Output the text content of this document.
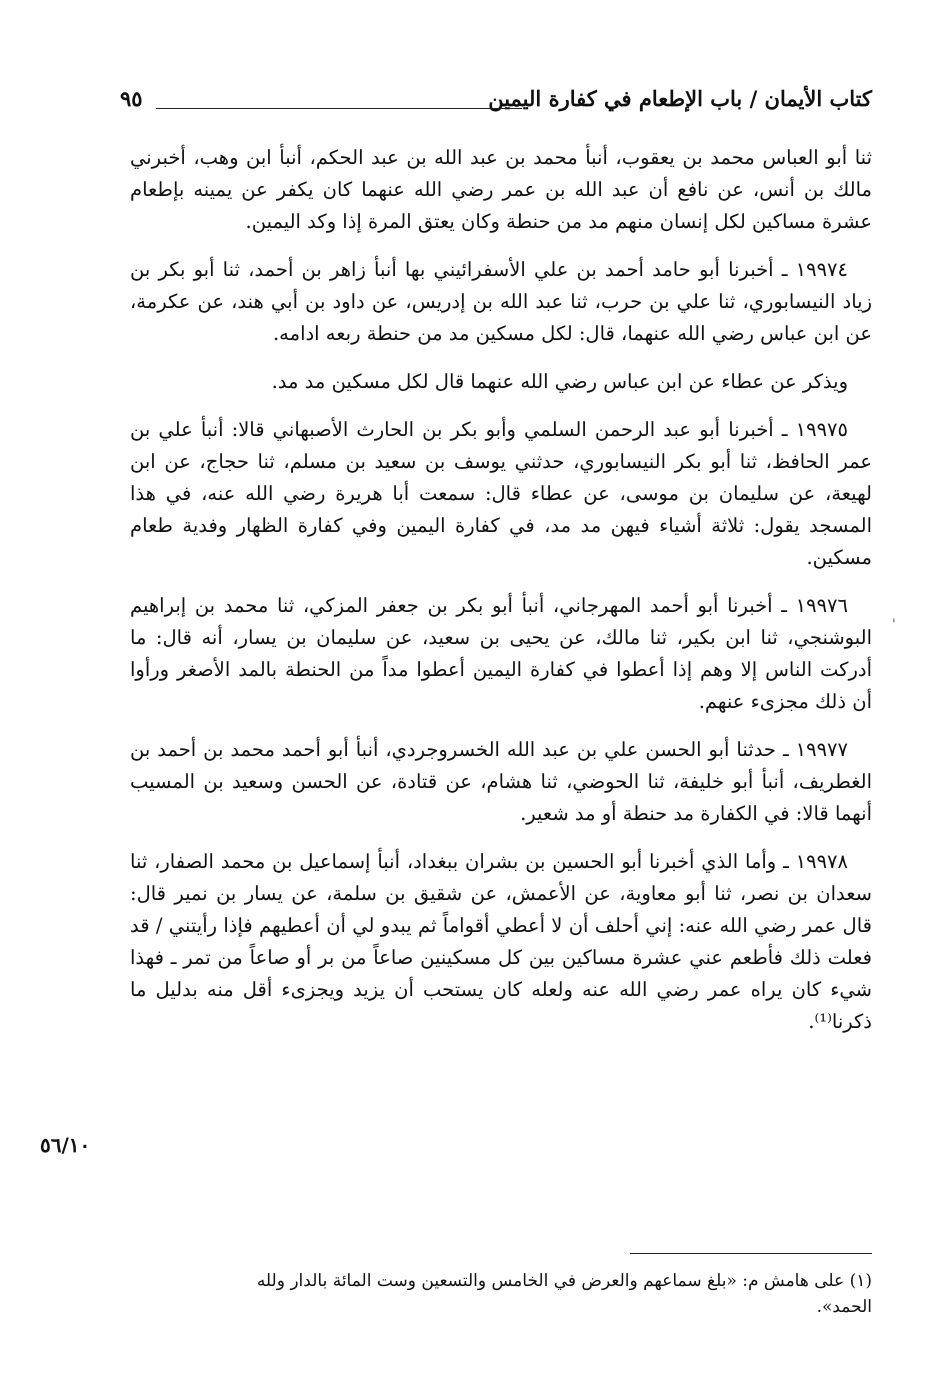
كتاب الأيمان / باب الإطعام في كفارة اليمين
٩٥

ثنا أبو العباس محمد بن يعقوب، أنبأ محمد بن عبد الله بن عبد الحكم، أنبأ ابن وهب، أخبرني مالك بن أنس، عن نافع أن عبد الله بن عمر رضي الله عنهما كان يكفر عن يمينه بإطعام عشرة مساكين لكل إنسان منهم مد من حنطة وكان يعتق المرة إذا وكد اليمين.

١٩٩٧٤ ـ أخبرنا أبو حامد أحمد بن علي الأسفرائيني بها أنبأ زاهر بن أحمد، ثنا أبو بكر بن زياد النيسابوري، ثنا علي بن حرب، ثنا عبد الله بن إدريس، عن داود بن أبي هند، عن عكرمة، عن ابن عباس رضي الله عنهما، قال: لكل مسكين مد من حنطة ربعه ادامه.

ويذكر عن عطاء عن ابن عباس رضي الله عنهما قال لكل مسكين مد مد.

١٩٩٧٥ ـ أخبرنا أبو عبد الرحمن السلمي وأبو بكر بن الحارث الأصبهاني قالا: أنبأ علي بن عمر الحافظ، ثنا أبو بكر النيسابوري، حدثني يوسف بن سعيد بن مسلم، ثنا حجاج، عن ابن لهيعة، عن سليمان بن موسى، عن عطاء قال: سمعت أبا هريرة رضي الله عنه، في هذا المسجد يقول: ثلاثة أشياء فيهن مد مد، في كفارة اليمين وفي كفارة الظهار وفدية طعام مسكين.

١٩٩٧٦ ـ أخبرنا أبو أحمد المهرجاني، أنبأ أبو بكر بن جعفر المزكي، ثنا محمد بن إبراهيم البوشنجي، ثنا ابن بكير، ثنا مالك، عن يحيى بن سعيد، عن سليمان بن يسار، أنه قال: ما أدركت الناس إلا وهم إذا أعطوا في كفارة اليمين أعطوا مداً من الحنطة بالمد الأصغر ورأوا أن ذلك مجزىء عنهم.

١٩٩٧٧ ـ حدثنا أبو الحسن علي بن عبد الله الخسروجردي، أنبأ أبو أحمد محمد بن أحمد بن الغطريف، أنبأ أبو خليفة، ثنا الحوضي، ثنا هشام، عن قتادة، عن الحسن وسعيد بن المسيب أنهما قالا: في الكفارة مد حنطة أو مد شعير.

١٩٩٧٨ ـ وأما الذي أخبرنا أبو الحسين بن بشران ببغداد، أنبأ إسماعيل بن محمد الصفار، ثنا سعدان بن نصر، ثنا أبو معاوية، عن الأعمش، عن شقيق بن سلمة، عن يسار بن نمير قال: قال عمر رضي الله عنه: إني أحلف أن لا أعطي أقواماً ثم يبدو لي أن أعطيهم فإذا رأيتني / قد فعلت ذلك فأطعم عني عشرة مساكين بين كل مسكينين صاعاً من بر أو صاعاً من تمر ـ فهذا شيء كان يراه عمر رضي الله عنه ولعله كان يستحب أن يزيد ويجزىء أقل منه بدليل ما ذكرنا⁽¹⁾.

'
٥٦/١٠
(١) على هامش م: «بلغ سماعهم والعرض في الخامس والتسعين وست المائة بالدار ولله الحمد».
